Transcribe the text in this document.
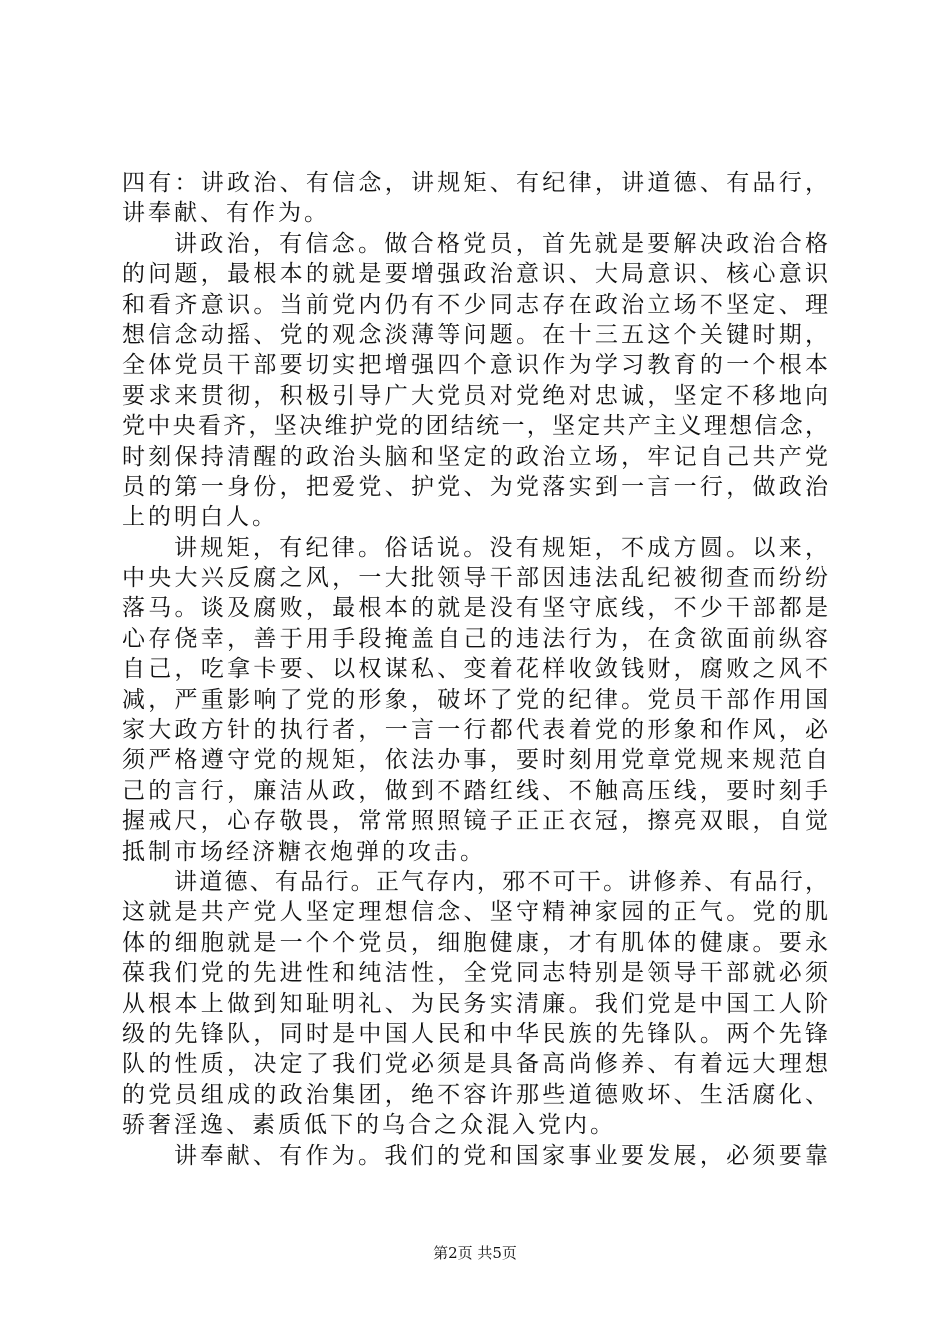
四有：讲政治、有信念，讲规矩、有纪律，讲道德、有品行，
讲奉献、有作为。
讲政治，有信念。做合格党员，首先就是要解决政治合格
的问题，最根本的就是要增强政治意识、大局意识、核心意识
和看齐意识。当前党内仍有不少同志存在政治立场不坚定、理
想信念动摇、党的观念淡薄等问题。在十三五这个关键时期，
全体党员干部要切实把增强四个意识作为学习教育的一个根本
要求来贯彻，积极引导广大党员对党绝对忠诚，坚定不移地向
党中央看齐，坚决维护党的团结统一，坚定共产主义理想信念，
时刻保持清醒的政治头脑和坚定的政治立场，牢记自己共产党
员的第一身份，把爱党、护党、为党落实到一言一行，做政治
上的明白人。
讲规矩，有纪律。俗话说。没有规矩，不成方圆。以来，
中央大兴反腐之风，一大批领导干部因违法乱纪被彻查而纷纷
落马。谈及腐败，最根本的就是没有坚守底线，不少干部都是
心存侥幸，善于用手段掩盖自己的违法行为，在贪欲面前纵容
自己，吃拿卡要、以权谋私、变着花样收敛钱财，腐败之风不
减，严重影响了党的形象，破坏了党的纪律。党员干部作用国
家大政方针的执行者，一言一行都代表着党的形象和作风，必
须严格遵守党的规矩，依法办事，要时刻用党章党规来规范自
己的言行，廉洁从政，做到不踏红线、不触高压线，要时刻手
握戒尺，心存敬畏，常常照照镜子正正衣冠，擦亮双眼，自觉
抵制市场经济糖衣炮弹的攻击。
讲道德、有品行。正气存内，邪不可干。讲修养、有品行，
这就是共产党人坚定理想信念、坚守精神家园的正气。党的肌
体的细胞就是一个个党员，细胞健康，才有肌体的健康。要永
葆我们党的先进性和纯洁性，全党同志特别是领导干部就必须
从根本上做到知耻明礼、为民务实清廉。我们党是中国工人阶
级的先锋队，同时是中国人民和中华民族的先锋队。两个先锋
队的性质，决定了我们党必须是具备高尚修养、有着远大理想
的党员组成的政治集团，绝不容许那些道德败坏、生活腐化、
骄奢淫逸、素质低下的乌合之众混入党内。
讲奉献、有作为。我们的党和国家事业要发展，必须要靠
第2页 共5页
